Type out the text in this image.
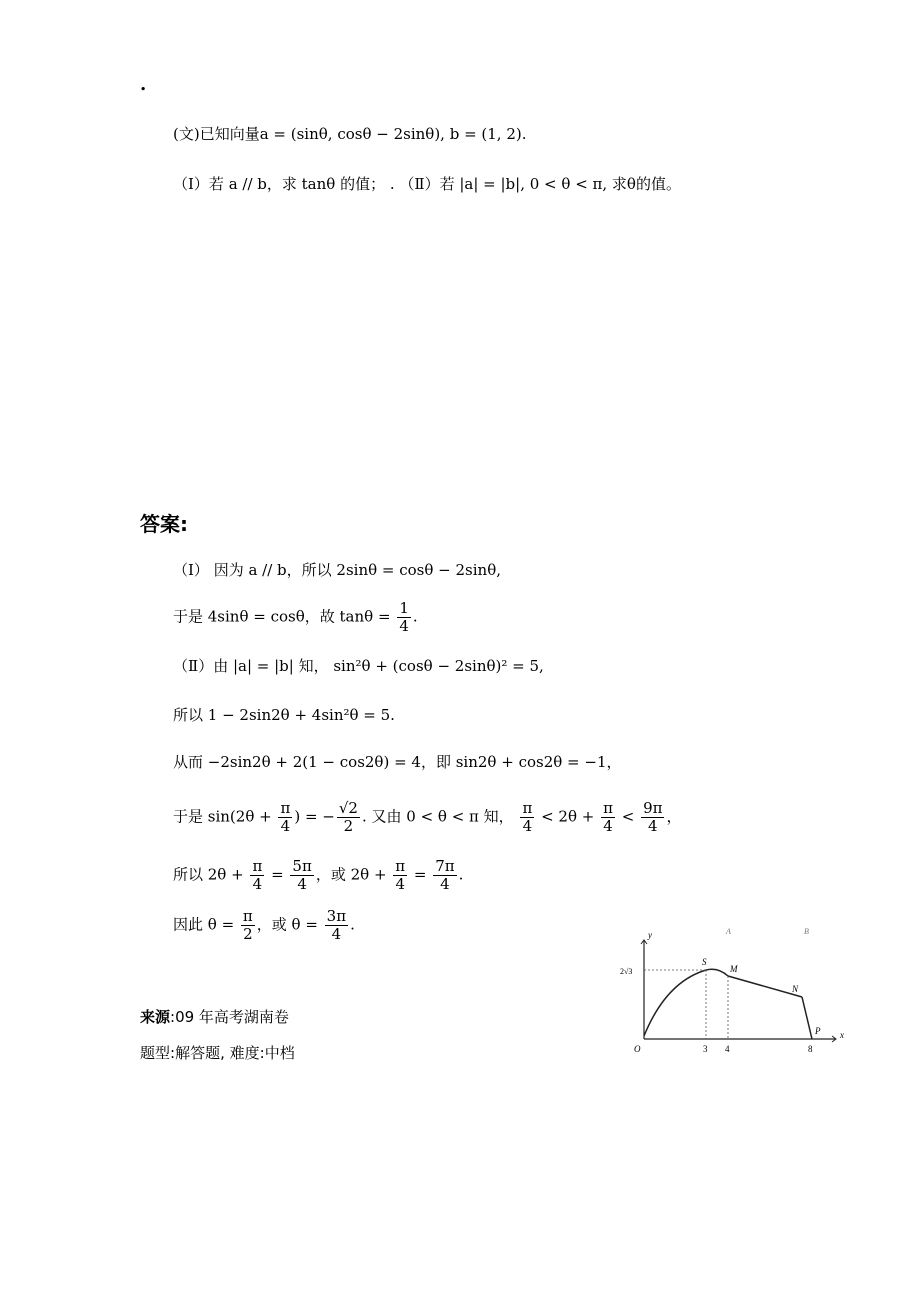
.
(文)已知向量a = (sinθ, cosθ − 2sinθ), b = (1, 2).
（Ⅰ）若 a // b，求 tanθ 的值； . （Ⅱ）若 |a| = |b|, 0 < θ < π, 求θ的值。
答案:
（Ⅰ） 因为 a // b，所以 2sinθ = cosθ − 2sinθ,
于是 4sinθ = cosθ，故 $\tan\theta = \frac{1}{4}$ .
（Ⅱ）由 |a| = |b| 知， sin²θ + (cosθ − 2sinθ)² = 5,
所以 1 − 2sin2θ + 4sin²θ = 5.
从而 −2sin2θ + 2(1 − cos2θ) = 4，即 sin2θ + cos2θ = −1，
于是 $\sin(2\theta + \frac{\pi}{4}$ ) = − $\frac{√2}{2}$ . 又由 0 < θ < π 知， $\frac{\pi}{4} < 2\theta + \frac{\pi}{4} < \frac{9\pi}{4}$ ，
所以 $2\theta + \frac{\pi}{4} = \frac{5\pi}{4}$ ，或 $2\theta + \frac{\pi}{4} = \frac{7\pi}{4}$ .
因此 $\theta = \frac{\pi}{2}$ ，或 $\theta = \frac{3\pi}{4}$ .
来源:09 年高考湖南卷
题型:解答题, 难度:中档
y
x
O
S
M
N
P
2√3
3 4	8
A	B
